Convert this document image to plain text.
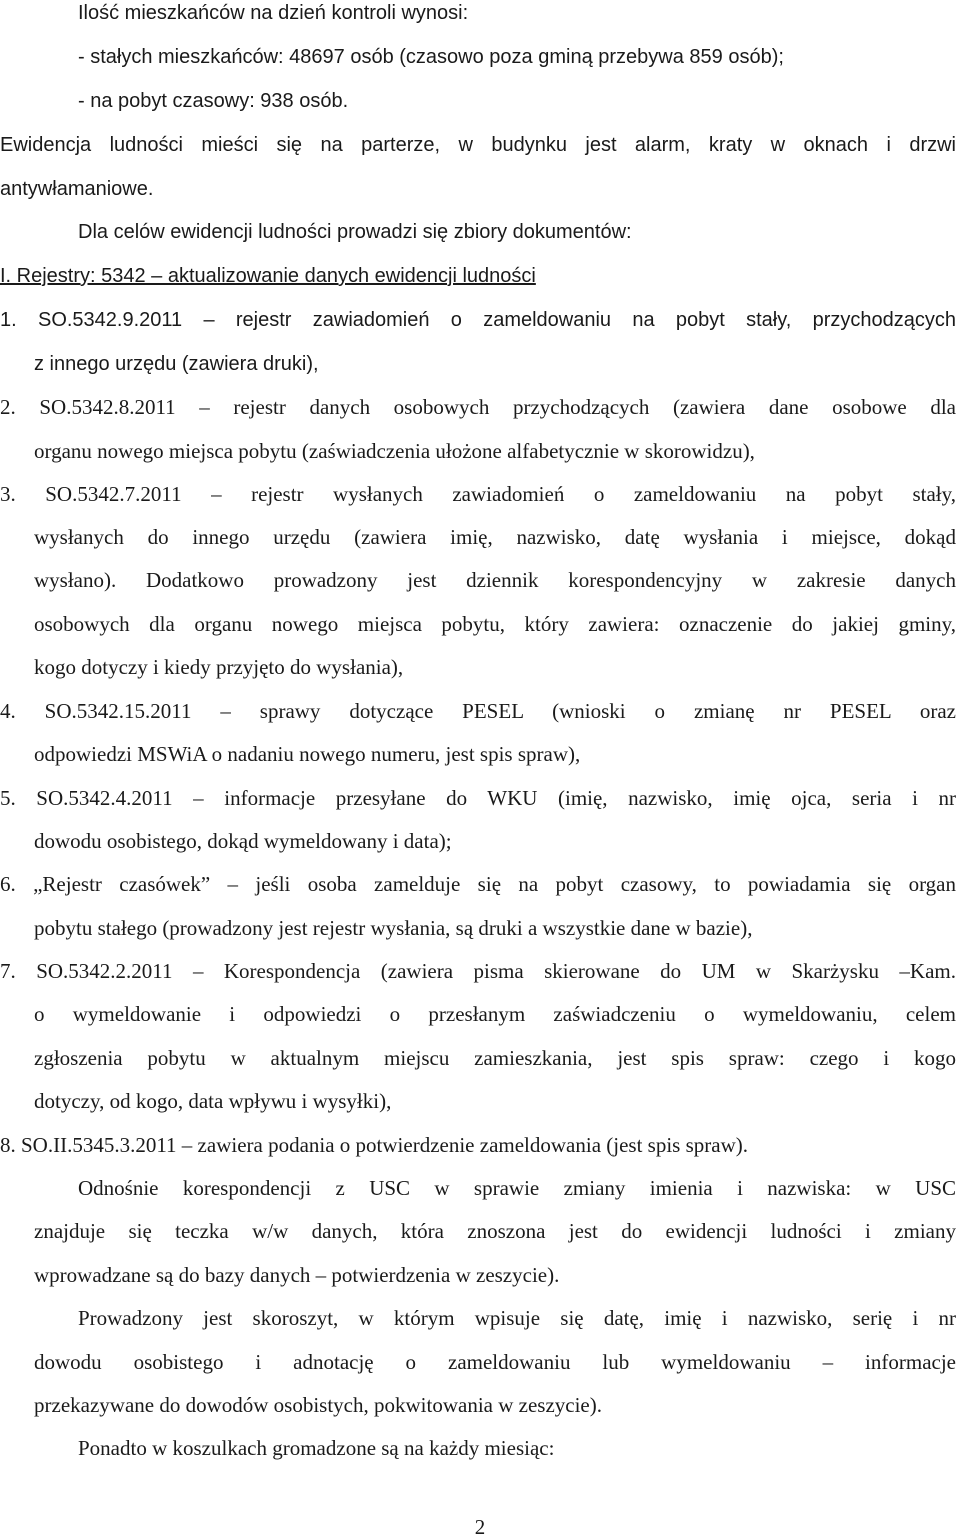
Ilość mieszkańców na dzień kontroli wynosi:
- stałych mieszkańców: 48697 osób (czasowo poza gminą przebywa 859 osób);
- na pobyt czasowy: 938 osób.
Ewidencja ludności mieści się na parterze, w budynku jest alarm, kraty w oknach i drzwi
antywłamaniowe.
Dla celów ewidencji ludności prowadzi się zbiory dokumentów:
I. Rejestry: 5342 – aktualizowanie danych ewidencji ludności
1. SO.5342.9.2011 – rejestr zawiadomień o zameldowaniu na pobyt stały, przychodzących
z innego urzędu (zawiera druki),
2. SO.5342.8.2011 – rejestr danych osobowych przychodzących (zawiera dane osobowe dla
organu nowego miejsca pobytu (zaświadczenia ułożone alfabetycznie w skorowidzu),
3. SO.5342.7.2011 – rejestr wysłanych zawiadomień o zameldowaniu na pobyt stały,
wysłanych do innego urzędu (zawiera imię, nazwisko, datę wysłania i miejsce, dokąd
wysłano). Dodatkowo prowadzony jest dziennik korespondencyjny w zakresie danych
osobowych dla organu nowego miejsca pobytu, który zawiera: oznaczenie do jakiej gminy,
kogo dotyczy i kiedy przyjęto do wysłania),
4. SO.5342.15.2011 – sprawy dotyczące PESEL (wnioski o zmianę nr PESEL oraz
odpowiedzi MSWiA o nadaniu nowego numeru, jest spis spraw),
5. SO.5342.4.2011 – informacje przesyłane do WKU (imię, nazwisko, imię ojca, seria i nr
dowodu osobistego, dokąd wymeldowany i data);
6. „Rejestr czasówek” – jeśli osoba zamelduje się na pobyt czasowy, to powiadamia się organ
pobytu stałego (prowadzony jest rejestr wysłania, są druki a wszystkie dane w bazie),
7. SO.5342.2.2011 – Korespondencja (zawiera pisma skierowane do UM w Skarżysku –Kam.
o wymeldowanie i odpowiedzi o przesłanym zaświadczeniu o wymeldowaniu, celem
zgłoszenia pobytu w aktualnym miejscu zamieszkania, jest spis spraw: czego i kogo
dotyczy, od kogo, data wpływu i wysyłki),
8. SO.II.5345.3.2011 – zawiera podania o potwierdzenie zameldowania (jest spis spraw).
Odnośnie korespondencji z USC w sprawie zmiany imienia i nazwiska: w USC
znajduje się teczka w/w danych, która znoszona jest do ewidencji ludności i zmiany
wprowadzane są do bazy danych – potwierdzenia w zeszycie).
Prowadzony jest skoroszyt, w którym wpisuje się datę, imię i nazwisko, serię i nr
dowodu osobistego i adnotację o zameldowaniu lub wymeldowaniu – informacje
przekazywane do dowodów osobistych, pokwitowania w zeszycie).
Ponadto w koszulkach gromadzone są na każdy miesiąc:
2
